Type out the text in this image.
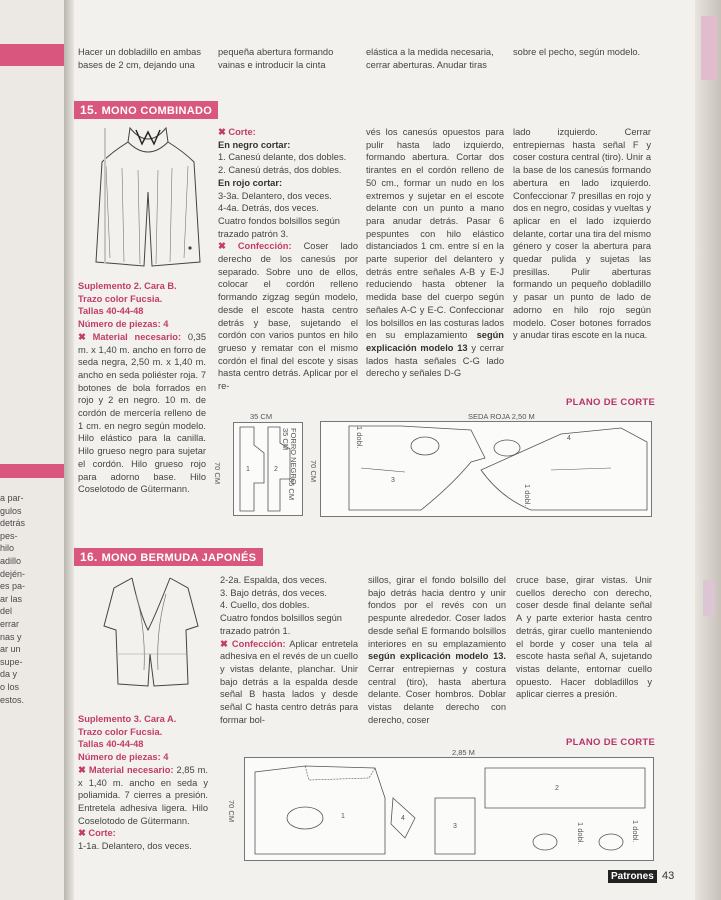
a par-
gulos
detrás
pes-
hilo
adillo
dején-
es pa-
ar las
del
errar
nas y
ar un
supe-
da y
o los
estos.
Hacer un dobladillo en ambas bases de 2 cm, dejando una
pequeña abertura formando vainas e introducir la cinta
elástica a la medida necesaria, cerrar aberturas. Anudar tiras
sobre el pecho, según modelo.
15. MONO COMBINADO

Suplemento 2. Cara B.

Trazo color Fucsia.

Tallas 40-44-48

Número de piezas: 4

✖ Material necesario: 0,35 m. x 1,40 m. ancho en forro de seda negra, 2,50 m. x 1,40 m. ancho en seda poliéster roja. 7 botones de bola forrados en rojo y 2 en negro. 10 m. de cordón de mercería relleno de 1 cm. en negro según modelo. Hilo elástico para la canilla. Hilo grueso negro para sujetar el cordón. Hilo grueso rojo para adorno base. Hilo Coselotodo de Gütermann.

✖ Corte:

En negro cortar:

1. Canesú delante, dos dobles.

2. Canesú detrás, dos dobles.

En rojo cortar:

3-3a. Delantero, dos veces.

4-4a. Detrás, dos veces.

Cuatro fondos bolsillos según trazado patrón 3.

✖ Confección: Coser lado derecho de los canesús por separado. Sobre uno de ellos, colocar el cordón relleno formando zigzag según modelo, desde el escote hasta centro detrás y base, sujetando el cordón con varios puntos en hilo grueso y rematar con el mismo cordón el final del escote y sisas hasta centro detrás. Aplicar por el re-

vés los canesús opuestos para pulir hasta lado izquierdo, formando abertura. Cortar dos tirantes en el cordón relleno de 50 cm., formar un nudo en los extremos y sujetar en el escote delante con un punto a mano para anudar detrás. Pasar 6 pespuntes con hilo elástico distanciados 1 cm. entre sí en la parte superior del delantero y detrás entre señales A-B y E-J reduciendo hasta obtener la medida base del cuerpo según señales A-C y E-C. Confeccionar los bolsillos en las costuras lados en su emplazamiento según explicación modelo 13 y cerrar lados hasta señales C-G lado derecho y señales D-G
lado izquierdo. Cerrar entrepiernas hasta señal F y coser costura central (tiro). Unir a la base de los canesús formando abertura en lado izquierdo. Confeccionar 7 presillas en rojo y dos en negro, cosidas y vueltas y aplicar en el lado izquierdo delante, cortar una tira del mismo género y coser la abertura para quedar pulida y sujetas las presillas. Pulir aberturas formando un pequeño dobladillo y pasar un punto de lado de adorno en hilo rojo según modelo. Coser botones forrados y anudar tiras escote en la nuca.
PLANO DE CORTE
35 CM
1	2
70 CM	FORRO NEGRO
35 CM
70 CM
85 CM
SEDA ROJA 2,50 M
3
4
1 dobl.
1 dobl.
16. MONO BERMUDA JAPONÉS

Suplemento 3. Cara A.

Trazo color Fucsia.

Tallas 40-44-48

Número de piezas: 4

✖ Material necesario: 2,85 m. x 1,40 m. ancho en seda y poliamida. 7 cierres a presión. Entretela adhesiva ligera. Hilo Coselotodo de Gütermann.

✖ Corte:

1-1a. Delantero, dos veces.

2-2a. Espalda, dos veces.

3. Bajo detrás, dos veces.

4. Cuello, dos dobles.

Cuatro fondos bolsillos según trazado patrón 1.

✖ Confección: Aplicar entretela adhesiva en el revés de un cuello y vistas delante, planchar. Unir bajo detrás a la espalda desde señal B hasta lados y desde señal C hasta centro detrás para formar bol-

sillos, girar el fondo bolsillo del bajo detrás hacia dentro y unir fondos por el revés con un pespunte alrededor. Coser lados desde señal E formando bolsillos interiores en su emplazamiento según explicación modelo 13. Cerrar entrepiernas y costura central (tiro), hasta abertura delante. Coser hombros. Doblar vistas delante derecho con derecho, coser
cruce base, girar vistas. Unir cuellos derecho con derecho, coser desde final delante señal A y parte exterior hasta centro detrás, girar cuello manteniendo el borde y coser una tela al escote hasta señal A, sujetando vistas delante, entornar cuello opuesto. Hacer dobladillos y aplicar cierres a presión.
PLANO DE CORTE
2,85 M
1
2
3
4
70 CM
1 dobl.	1 dobl.
Patrones 43
